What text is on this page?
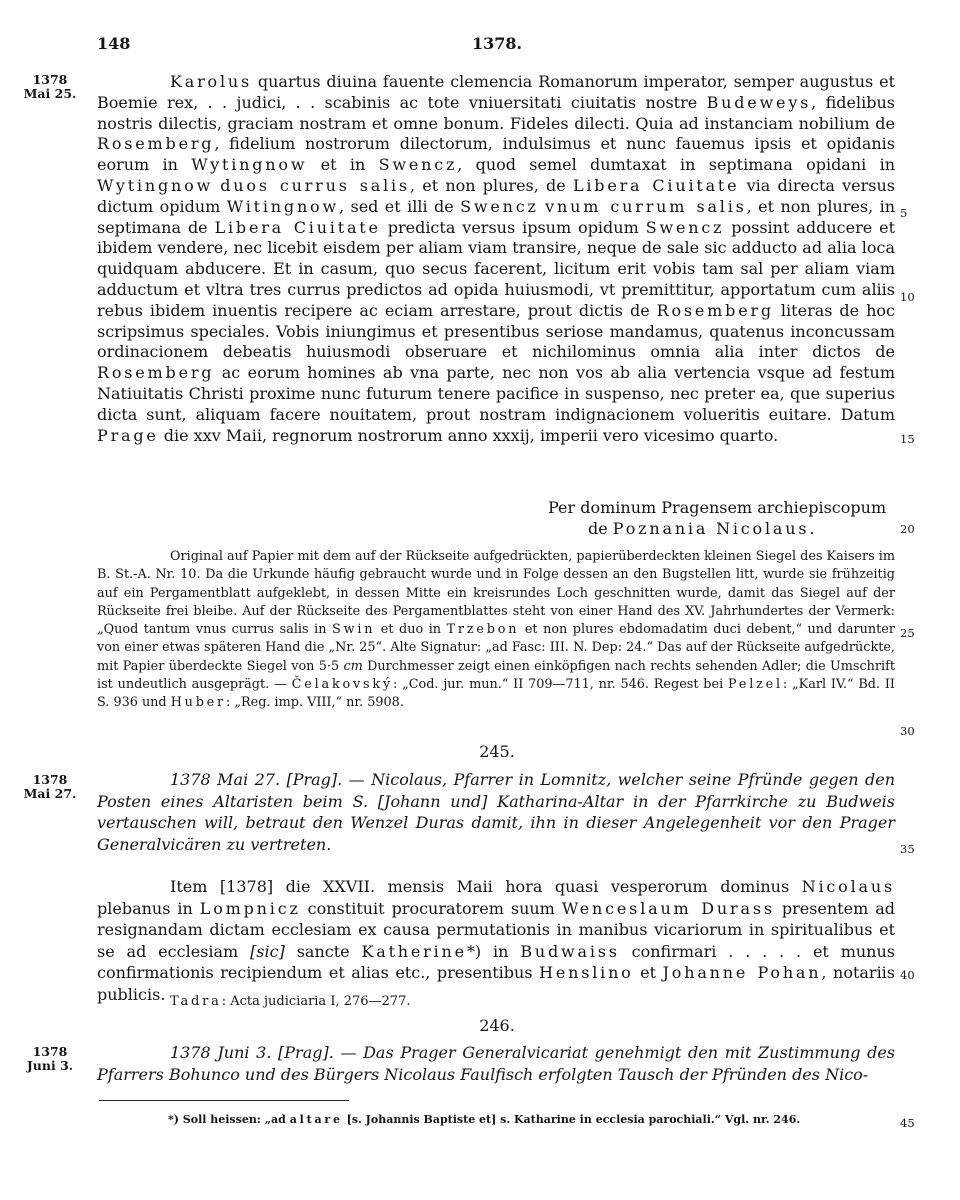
148	1378.
1378
Mai 25.
1378
Mai 27.
1378
Juni 3.
5
10
15
20
25
30
35
40
45

Karolus quartus diuina fauente clemencia Romanorum imperator, semper augustus et Boemie rex, . . judici, . . scabinis ac tote vniuersitati ciuitatis nostre Budeweys, fidelibus nostris dilectis, graciam nostram et omne bonum. Fideles dilecti. Quia ad instanciam nobilium de Rosemberg, fidelium nostrorum dilectorum, indulsimus et nunc fauemus ipsis et opidanis eorum in Wytingnow et in Swencz, quod semel dumtaxat in septimana opidani in Wytingnow duos currus salis, et non plures, de Libera Ciuitate via directa versus dictum opidum Witingnow, sed et illi de Swencz vnum currum salis, et non plures, in septimana de Libera Ciuitate predicta versus ipsum opidum Swencz possint adducere et ibidem vendere, nec licebit eisdem per aliam viam transire, neque de sale sic adducto ad alia loca quidquam abducere. Et in casum, quo secus facerent, licitum erit vobis tam sal per aliam viam adductum et vltra tres currus predictos ad opida huiusmodi, vt premittitur, apportatum cum aliis rebus ibidem inuentis recipere ac eciam arrestare, prout dictis de Rosemberg literas de hoc scripsimus speciales. Vobis iniungimus et presentibus seriose mandamus, quatenus inconcussam ordinacionem debeatis huiusmodi obseruare et nichilominus omnia alia inter dictos de Rosemberg ac eorum homines ab vna parte, nec non vos ab alia vertencia vsque ad festum Natiuitatis Christi proxime nunc futurum tenere pacifice in suspenso, nec preter ea, que superius dicta sunt, aliquam facere nouitatem, prout nostram indignacionem volueritis euitare. Datum Prage die xxv Maii, regnorum nostrorum anno xxxij, imperii vero vicesimo quarto.

Per dominum Pragensem archiepiscopum
de Poznania Nicolaus.

Original auf Papier mit dem auf der Rückseite aufgedrückten, papierüberdeckten kleinen Siegel des Kaisers im B. St.-A. Nr. 10. Da die Urkunde häufig gebraucht wurde und in Folge dessen an den Bugstellen litt, wurde sie frühzeitig auf ein Pergamentblatt aufgeklebt, in dessen Mitte ein kreisrundes Loch geschnitten wurde, damit das Siegel auf der Rückseite frei bleibe. Auf der Rückseite des Pergamentblattes steht von einer Hand des XV. Jahrhundertes der Vermerk: „Quod tantum vnus currus salis in Swin et duo in Trzebon et non plures ebdomadatim duci debent,“ und darunter von einer etwas späteren Hand die „Nr. 25“. Alte Signatur: „ad Fasc: III. N. Dep: 24.“ Das auf der Rückseite aufgedrückte, mit Papier überdeckte Siegel von 5·5 cm Durchmesser zeigt einen einköpfigen nach rechts sehenden Adler; die Umschrift ist undeutlich ausgeprägt. — Čelakovský: „Cod. jur. mun.“ II 709—711, nr. 546. Regest bei Pelzel: „Karl IV.“ Bd. II S. 936 und Huber: „Reg. imp. VIII,“ nr. 5908.

245.

1378 Mai 27. [Prag]. — Nicolaus, Pfarrer in Lomnitz, welcher seine Pfründe gegen den Posten eines Altaristen beim S. [Johann und] Katharina-Altar in der Pfarrkirche zu Budweis vertauschen will, betraut den Wenzel Duras damit, ihn in dieser Angelegenheit vor den Prager Generalvicären zu vertreten.

Item [1378] die XXVII. mensis Maii hora quasi vesperorum dominus Nicolaus plebanus in Lompnicz constituit procuratorem suum Wenceslaum Durass presentem ad resignandam dictam ecclesiam ex causa permutationis in manibus vicariorum in spiritualibus et se ad ecclesiam [sic] sancte Katherine*) in Budwaiss confirmari . . . . . et munus confirmationis recipiendum et alias etc., presentibus Henslino et Johanne Pohan, notariis publicis. Tadra: Acta judiciaria I, 276—277.
246.

1378 Juni 3. [Prag]. — Das Prager Generalvicariat genehmigt den mit Zustimmung des Pfarrers Bohunco und des Bürgers Nicolaus Faulfisch erfolgten Tausch der Pfründen des Nico-

*) Soll heissen: „ad altare [s. Johannis Baptiste et] s. Katharine in ecclesia parochiali.“ Vgl. nr. 246.
